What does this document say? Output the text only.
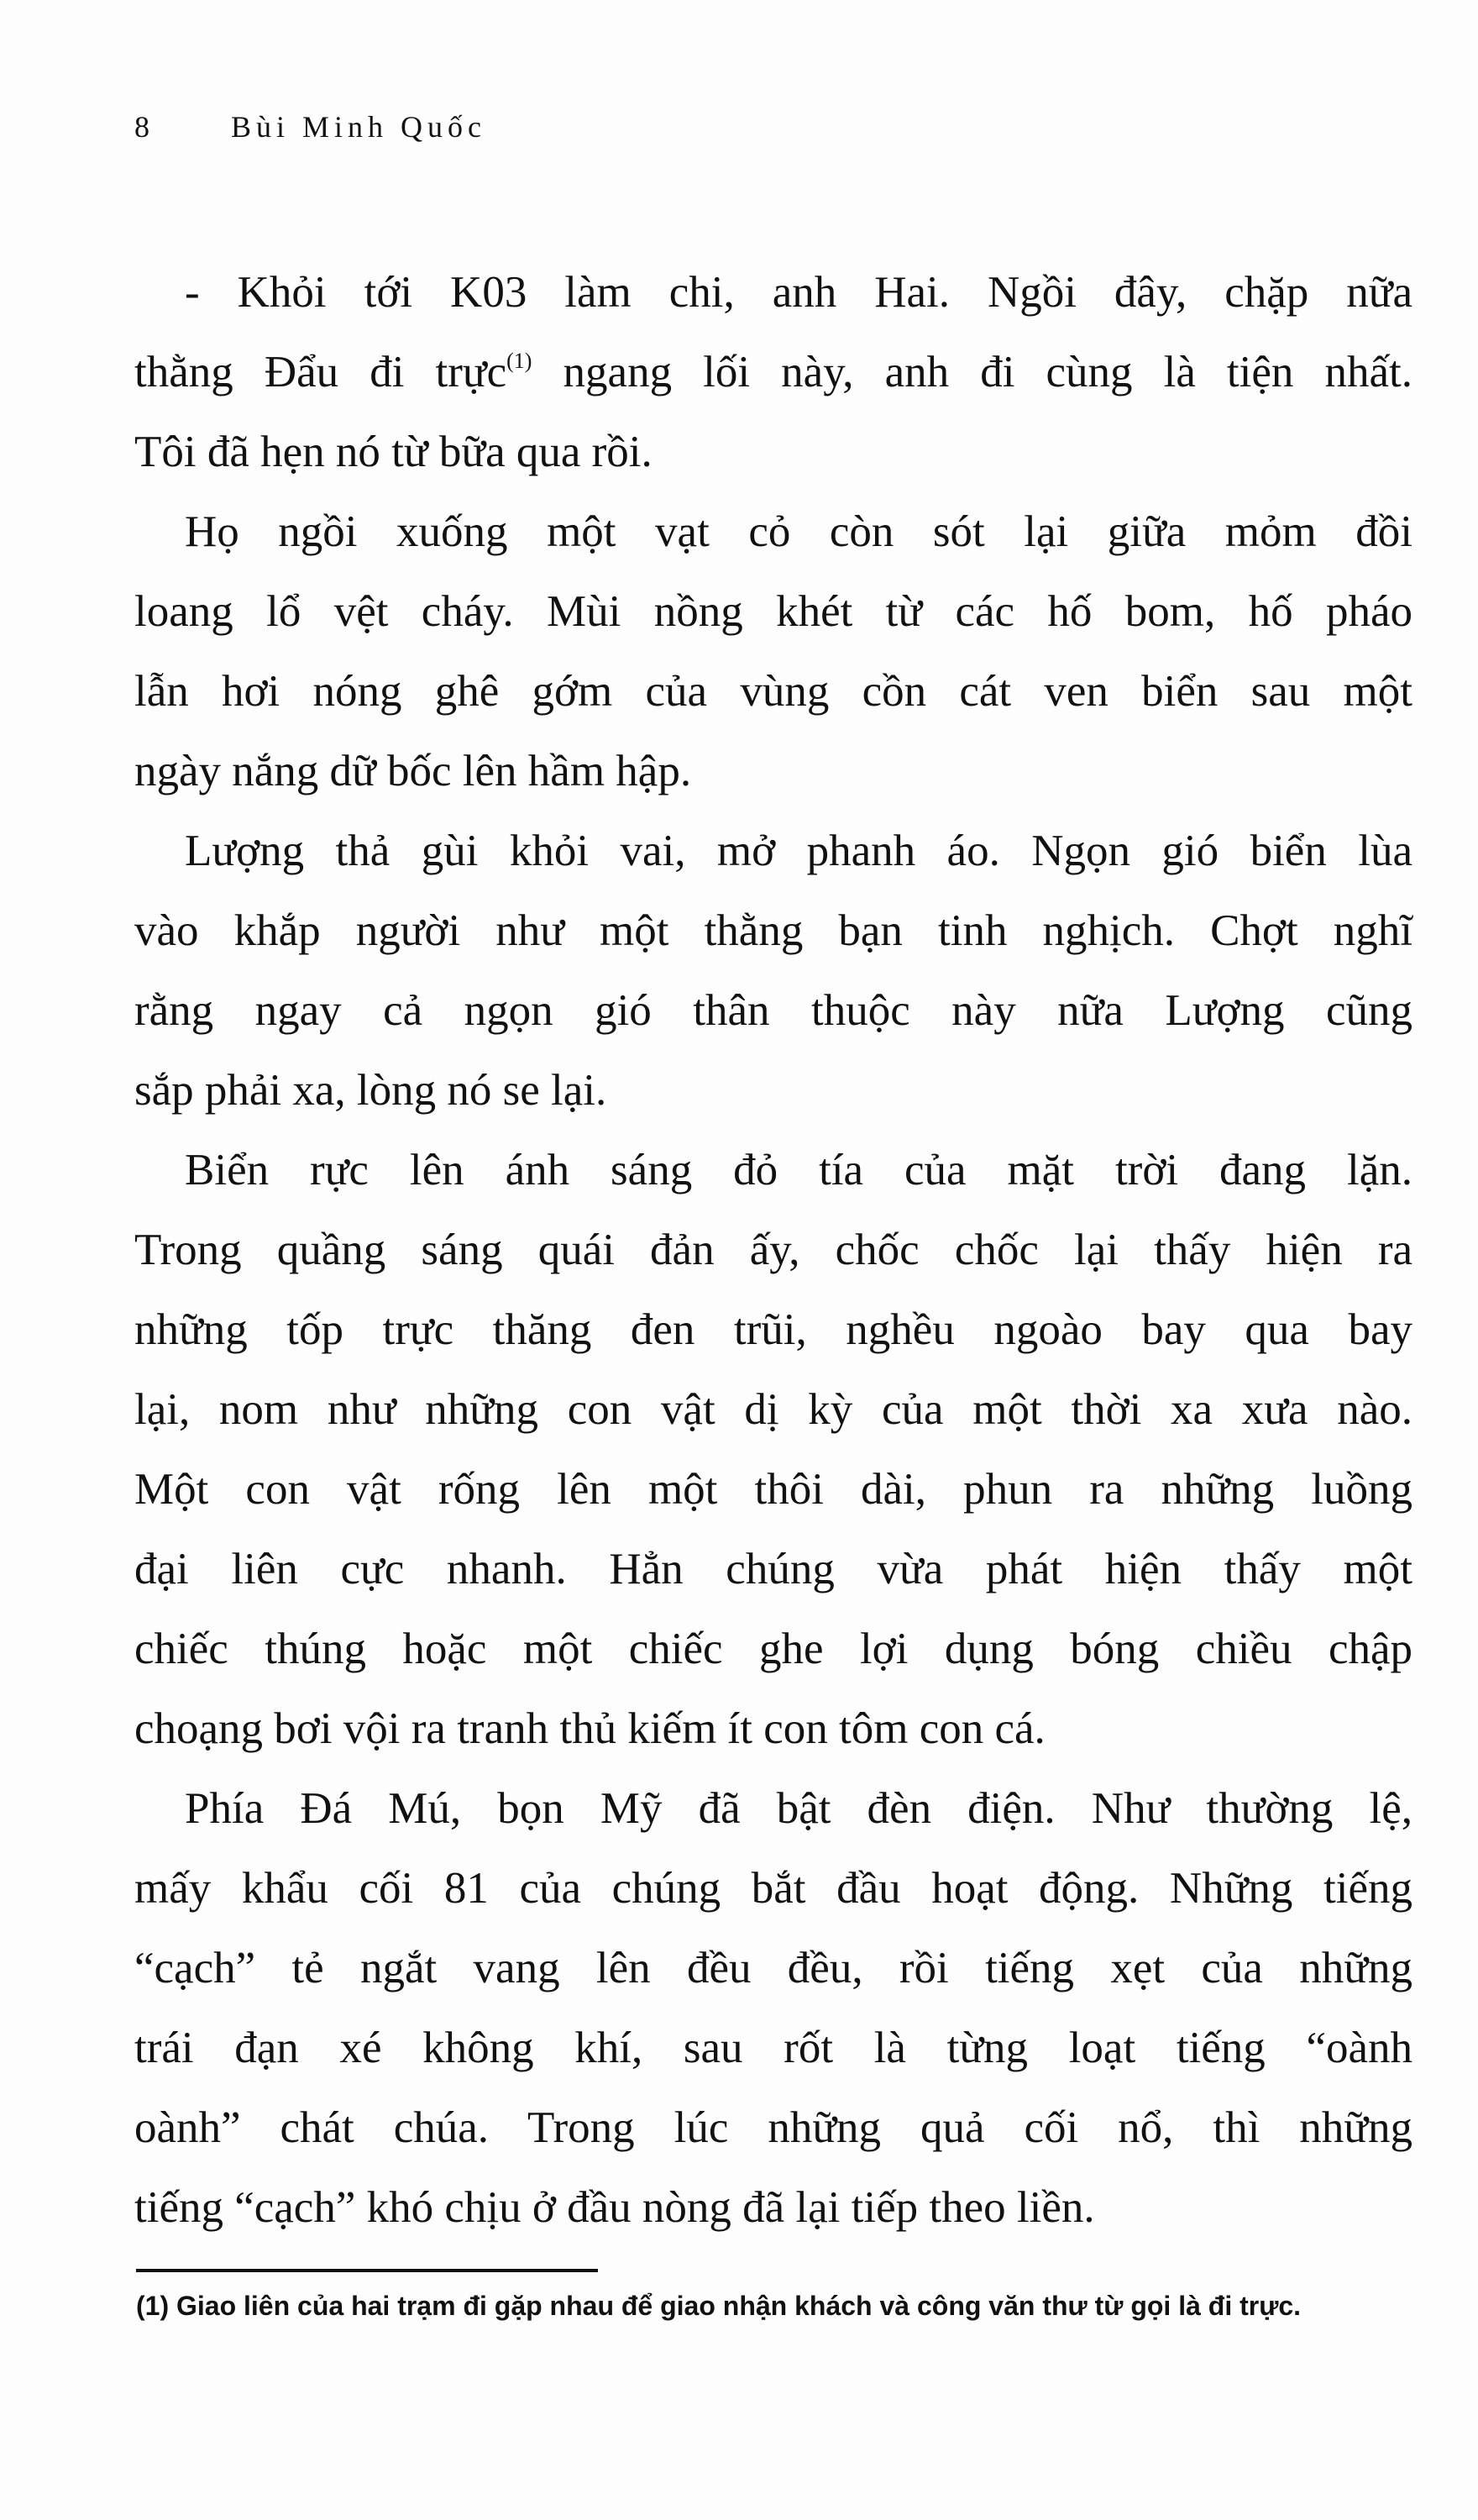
8	Bùi Minh Quốc
- Khỏi tới K03 làm chi, anh Hai. Ngồi đây, chặp nữa
thằng Đẩu đi trực$^{(1)}$ ngang lối này, anh đi cùng là tiện nhất.
Tôi đã hẹn nó từ bữa qua rồi.
Họ ngồi xuống một vạt cỏ còn sót lại giữa mỏm đồi
loang lổ vệt cháy. Mùi nồng khét từ các hố bom, hố pháo
lẫn hơi nóng ghê gớm của vùng cồn cát ven biển sau một
ngày nắng dữ bốc lên hầm hập.
Lượng thả gùi khỏi vai, mở phanh áo. Ngọn gió biển lùa
vào khắp người như một thằng bạn tinh nghịch. Chợt nghĩ
rằng ngay cả ngọn gió thân thuộc này nữa Lượng cũng
sắp phải xa, lòng nó se lại.
Biển rực lên ánh sáng đỏ tía của mặt trời đang lặn.
Trong quầng sáng quái đản ấy, chốc chốc lại thấy hiện ra
những tốp trực thăng đen trũi, nghều ngoào bay qua bay
lại, nom như những con vật dị kỳ của một thời xa xưa nào.
Một con vật rống lên một thôi dài, phun ra những luồng
đại liên cực nhanh. Hẳn chúng vừa phát hiện thấy một
chiếc thúng hoặc một chiếc ghe lợi dụng bóng chiều chập
choạng bơi vội ra tranh thủ kiếm ít con tôm con cá.
Phía Đá Mú, bọn Mỹ đã bật đèn điện. Như thường lệ,
mấy khẩu cối 81 của chúng bắt đầu hoạt động. Những tiếng
“cạch” tẻ ngắt vang lên đều đều, rồi tiếng xẹt của những
trái đạn xé không khí, sau rốt là từng loạt tiếng “oành
oành” chát chúa. Trong lúc những quả cối nổ, thì những
tiếng “cạch” khó chịu ở đầu nòng đã lại tiếp theo liền.
(1) Giao liên của hai trạm đi gặp nhau để giao nhận khách và công văn thư từ gọi là đi trực.
